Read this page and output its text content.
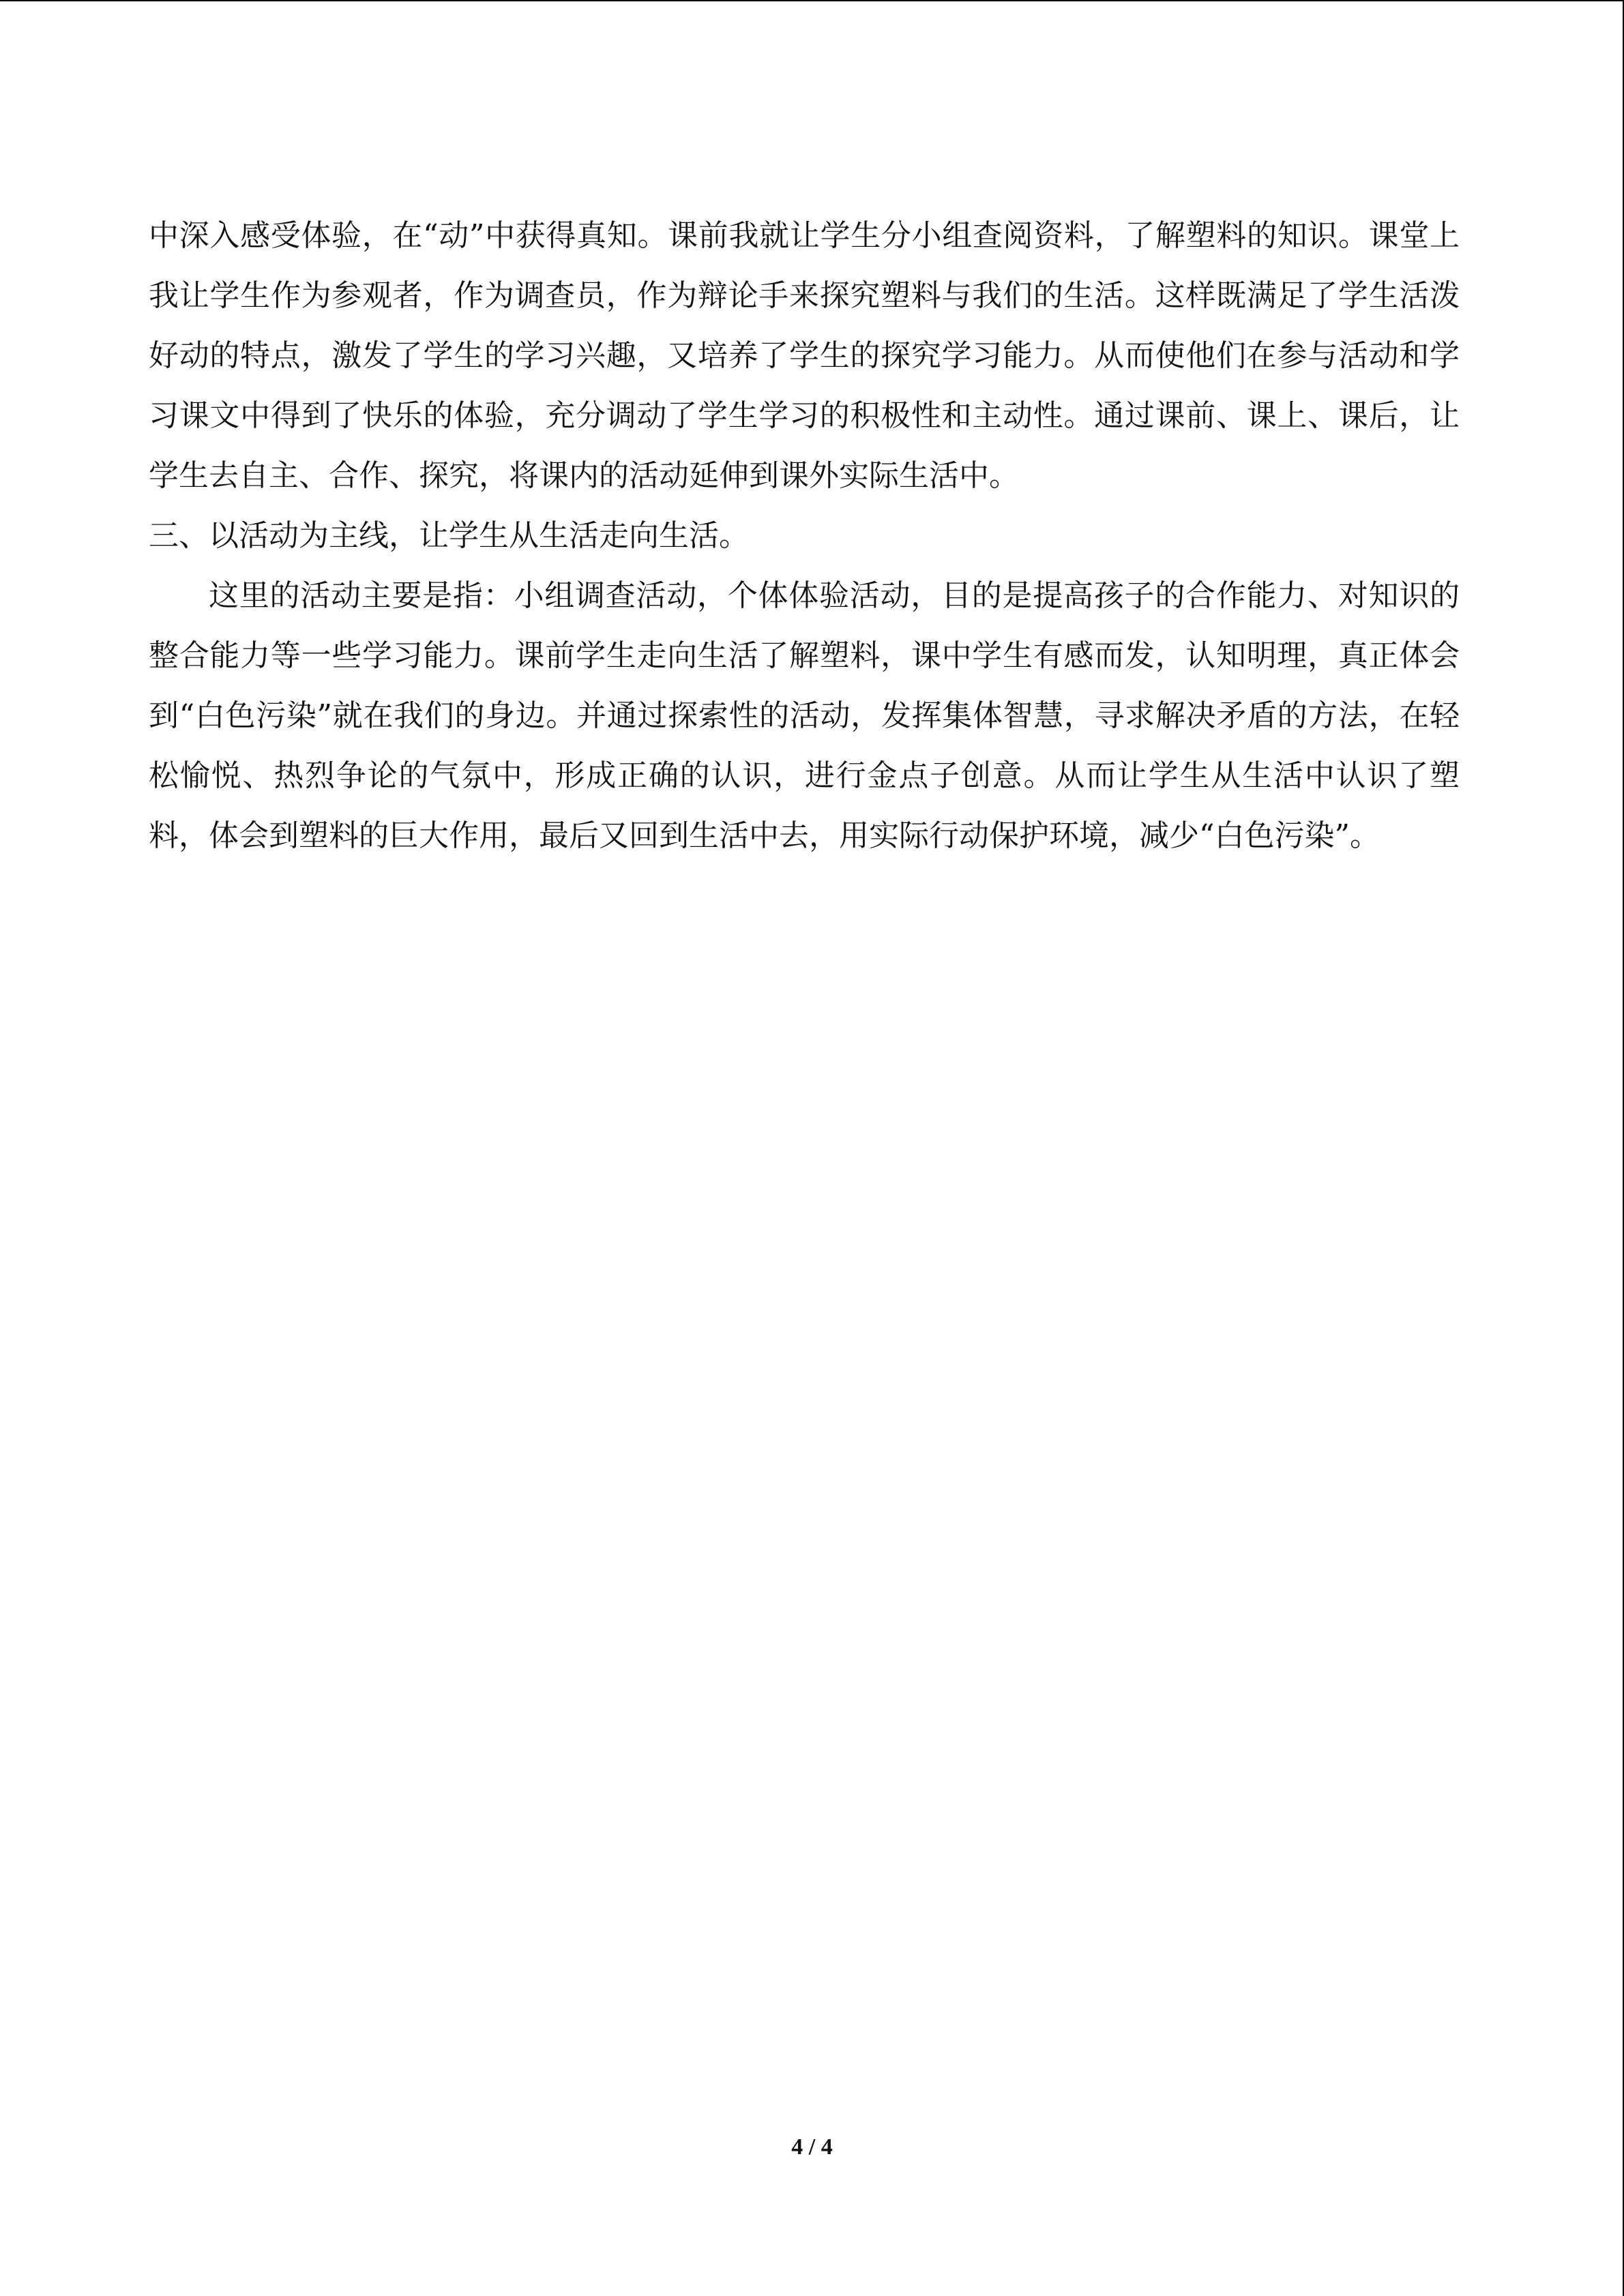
中深入感受体验，在“动”中获得真知。课前我就让学生分小组查阅资料，了解塑料的知识。课堂上我让学生作为参观者，作为调查员，作为辩论手来探究塑料与我们的生活。这样既满足了学生活泼好动的特点，激发了学生的学习兴趣，又培养了学生的探究学习能力。从而使他们在参与活动和学习课文中得到了快乐的体验，充分调动了学生学习的积极性和主动性。通过课前、课上、课后，让学生去自主、合作、探究，将课内的活动延伸到课外实际生活中。

三、以活动为主线，让学生从生活走向生活。

这里的活动主要是指：小组调查活动，个体体验活动，目的是提高孩子的合作能力、对知识的整合能力等一些学习能力。课前学生走向生活了解塑料，课中学生有感而发，认知明理，真正体会到“白色污染”就在我们的身边。并通过探索性的活动，发挥集体智慧，寻求解决矛盾的方法，在轻松愉悦、热烈争论的气氛中，形成正确的认识，进行金点子创意。从而让学生从生活中认识了塑料，体会到塑料的巨大作用，最后又回到生活中去，用实际行动保护环境，减少“白色污染”。

4 / 4
